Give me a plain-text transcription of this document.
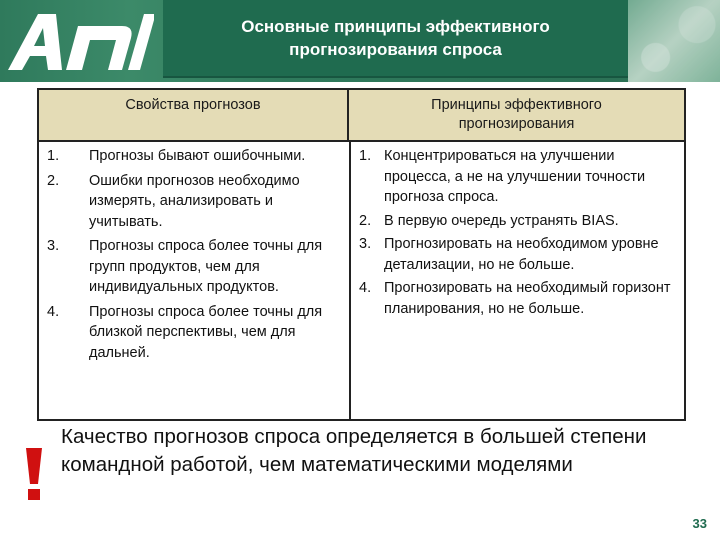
Основные принципы эффективного
прогнозирования спроса
Свойства прогнозов	Принципы эффективного
прогнозирования
1. Прогнозы бывают ошибочными.
2. Ошибки прогнозов необходимо измерять, анализировать и учитывать.
3. Прогнозы спроса более точны для групп продуктов, чем для индивидуальных продуктов.
4. Прогнозы спроса более точны для близкой перспективы, чем для дальней.
1. Концентрироваться на улучшении процесса, а не на улучшении точности прогноза спроса.
2. В первую очередь устранять BIAS.
3. Прогнозировать на необходимом уровне детализации, но не больше.
4. Прогнозировать на необходимый горизонт планирования, но не больше.
Качество прогнозов спроса определяется в большей степени командной работой, чем математическими моделями
33
